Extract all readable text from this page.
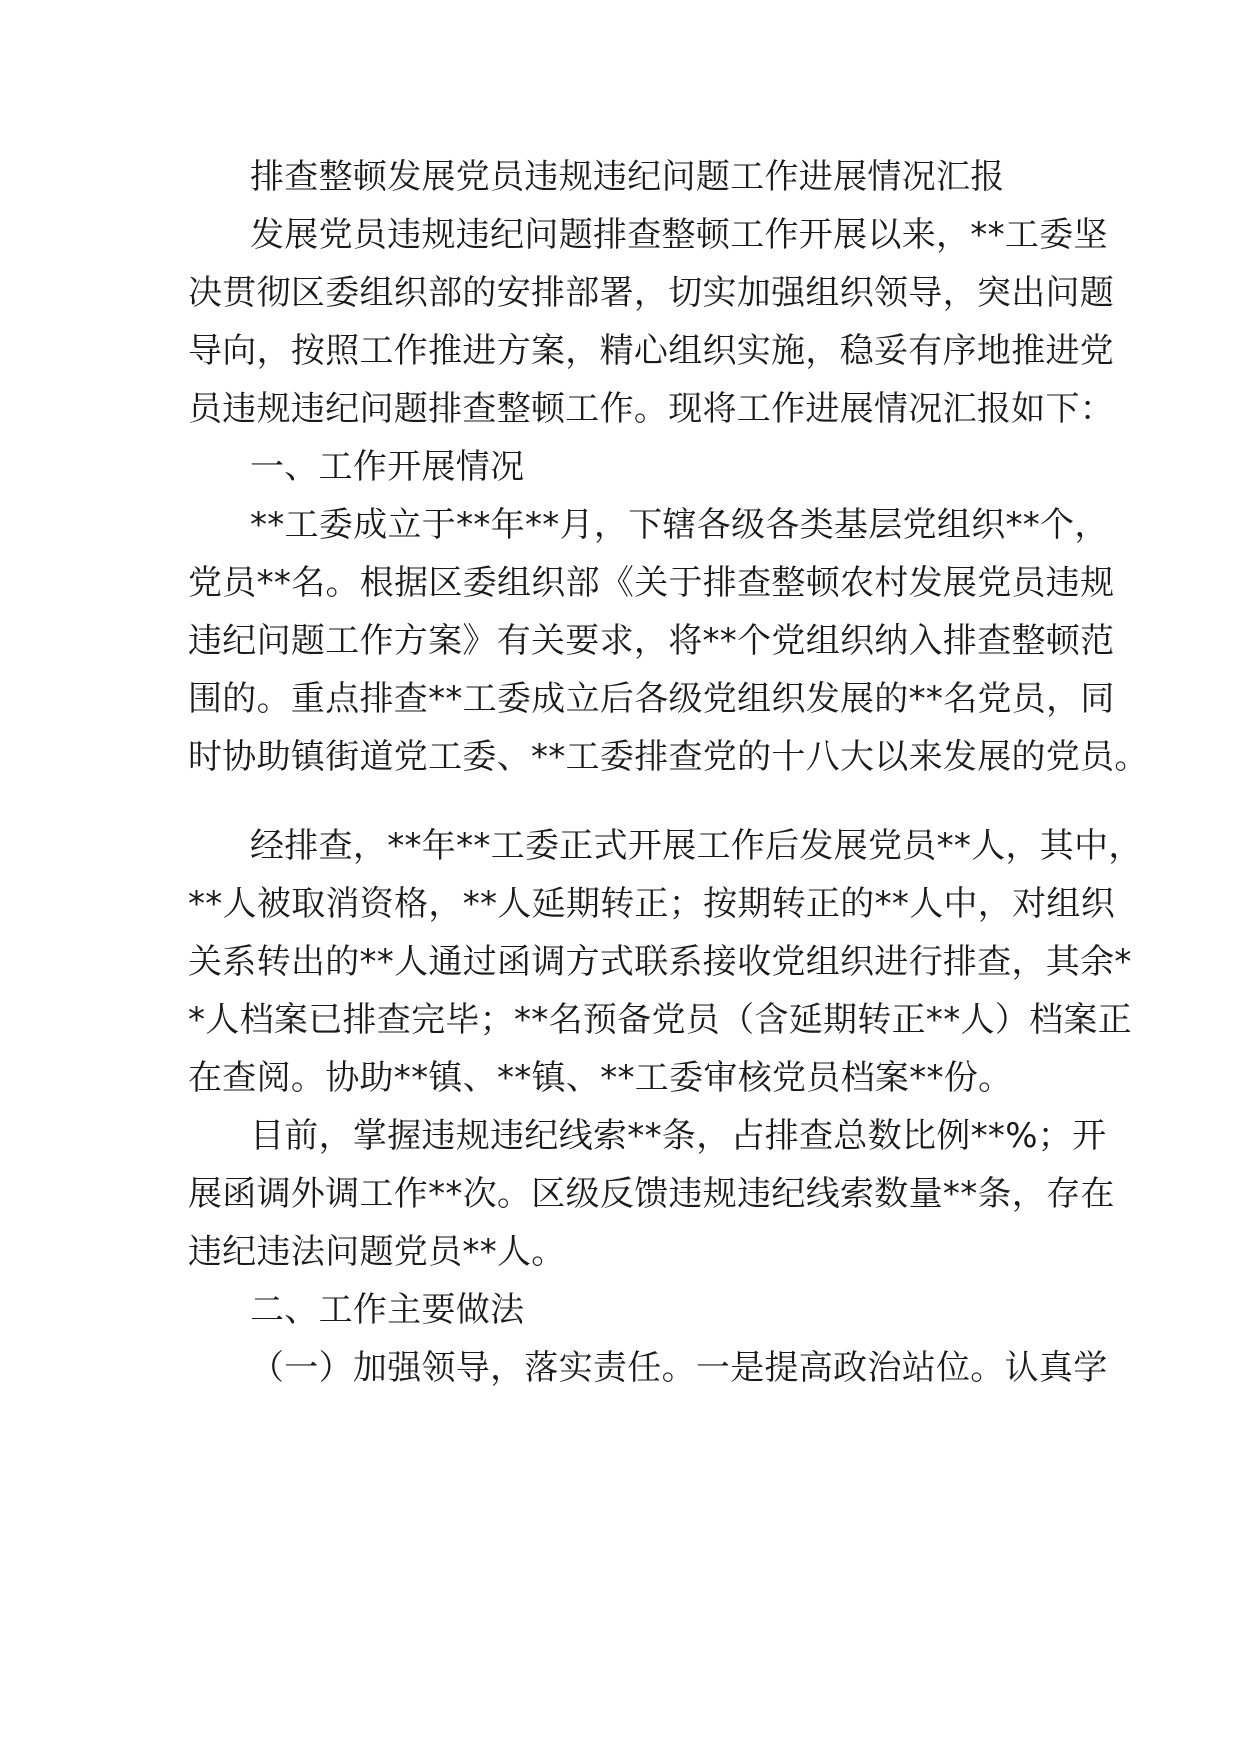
排查整顿发展党员违规违纪问题工作进展情况汇报
发展党员违规违纪问题排查整顿工作开展以来，**工委坚
决贯彻区委组织部的安排部署，切实加强组织领导，突出问题
导向，按照工作推进方案，精心组织实施，稳妥有序地推进党
员违规违纪问题排查整顿工作。现将工作进展情况汇报如下：
一、工作开展情况
**工委成立于**年**月，下辖各级各类基层党组织**个，
党员**名。根据区委组织部《关于排查整顿农村发展党员违规
违纪问题工作方案》有关要求，将**个党组织纳入排查整顿范
围的。重点排查**工委成立后各级党组织发展的**名党员，同
时协助镇街道党工委、**工委排查党的十八大以来发展的党员。
经排查，**年**工委正式开展工作后发展党员**人，其中，
**人被取消资格，**人延期转正；按期转正的**人中，对组织
关系转出的**人通过函调方式联系接收党组织进行排查，其余*
*人档案已排查完毕；**名预备党员（含延期转正**人）档案正
在查阅。协助**镇、**镇、**工委审核党员档案**份。
目前，掌握违规违纪线索**条，占排查总数比例**%；开
展函调外调工作**次。区级反馈违规违纪线索数量**条，存在
违纪违法问题党员**人。
二、工作主要做法
（一）加强领导，落实责任。一是提高政治站位。认真学
